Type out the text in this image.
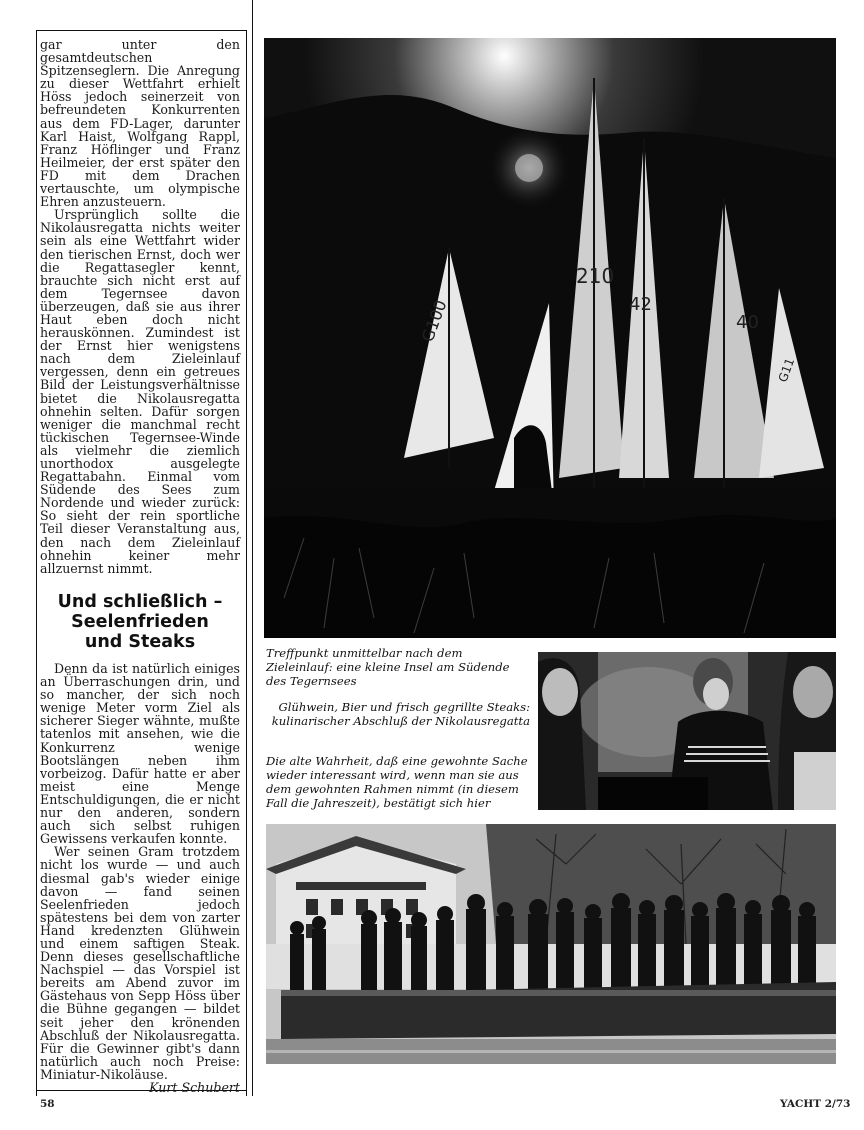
gar unter den gesamtdeutschen Spitzenseglern. Die Anregung zu dieser Wettfahrt erhielt Höss jedoch seinerzeit von befreundeten Konkurrenten aus dem FD-Lager, darunter Karl Haist, Wolfgang Rappl, Franz Höflinger und Franz Heilmeier, der erst später den FD mit dem Drachen vertauschte, um olympische Ehren anzusteuern.

Ursprünglich sollte die Nikolausregatta nichts weiter sein als eine Wettfahrt wider den tierischen Ernst, doch wer die Regattasegler kennt, brauchte sich nicht erst auf dem Tegernsee davon überzeugen, daß sie aus ihrer Haut eben doch nicht herauskönnen. Zumindest ist der Ernst hier wenigstens nach dem Zieleinlauf vergessen, denn ein getreues Bild der Leistungsverhältnisse bietet die Nikolausregatta ohnehin selten. Dafür sorgen weniger die manchmal recht tückischen Tegernsee-Winde als vielmehr die ziemlich unorthodox ausgelegte Regattabahn. Einmal vom Südende des Sees zum Nordende und wieder zurück: So sieht der rein sportliche Teil dieser Veranstaltung aus, den nach dem Zieleinlauf ohnehin keiner mehr allzuernst nimmt.

Und schließlich –
Seelenfrieden
und Steaks

Denn da ist natürlich einiges an Überraschungen drin, und so mancher, der sich noch wenige Meter vorm Ziel als sicherer Sieger wähnte, mußte tatenlos mit ansehen, wie die Konkurrenz wenige Bootslängen neben ihm vorbeizog. Dafür hatte er aber meist eine Menge Entschuldigungen, die er nicht nur den anderen, sondern auch sich selbst ruhigen Gewissens verkaufen konnte.

Wer seinen Gram trotzdem nicht los wurde — und auch diesmal gab's wieder einige davon — fand seinen Seelenfrieden jedoch spätestens bei dem von zarter Hand kredenzten Glühwein und einem saftigen Steak. Denn dieses gesellschaftliche Nachspiel — das Vorspiel ist bereits am Abend zuvor im Gästehaus von Sepp Höss über die Bühne gegangen — bildet seit jeher den krönenden Abschluß der Nikolausregatta. Für die Gewinner gibt's dann natürlich auch noch Preise: Miniatur-Nikoläuse.

Kurt Schubert

G100
210
42
40
G11
Treffpunkt unmittelbar nach dem Zieleinlauf: eine kleine Insel am Südende des Tegernsees
Glühwein, Bier und frisch gegrillte Steaks: kulinarischer Abschluß der Nikolausregatta
Die alte Wahrheit, daß eine gewohnte Sache wieder interessant wird, wenn man sie aus dem gewohnten Rahmen nimmt (in diesem Fall die Jahreszeit), bestätigt sich hier
58	YACHT 2/73
